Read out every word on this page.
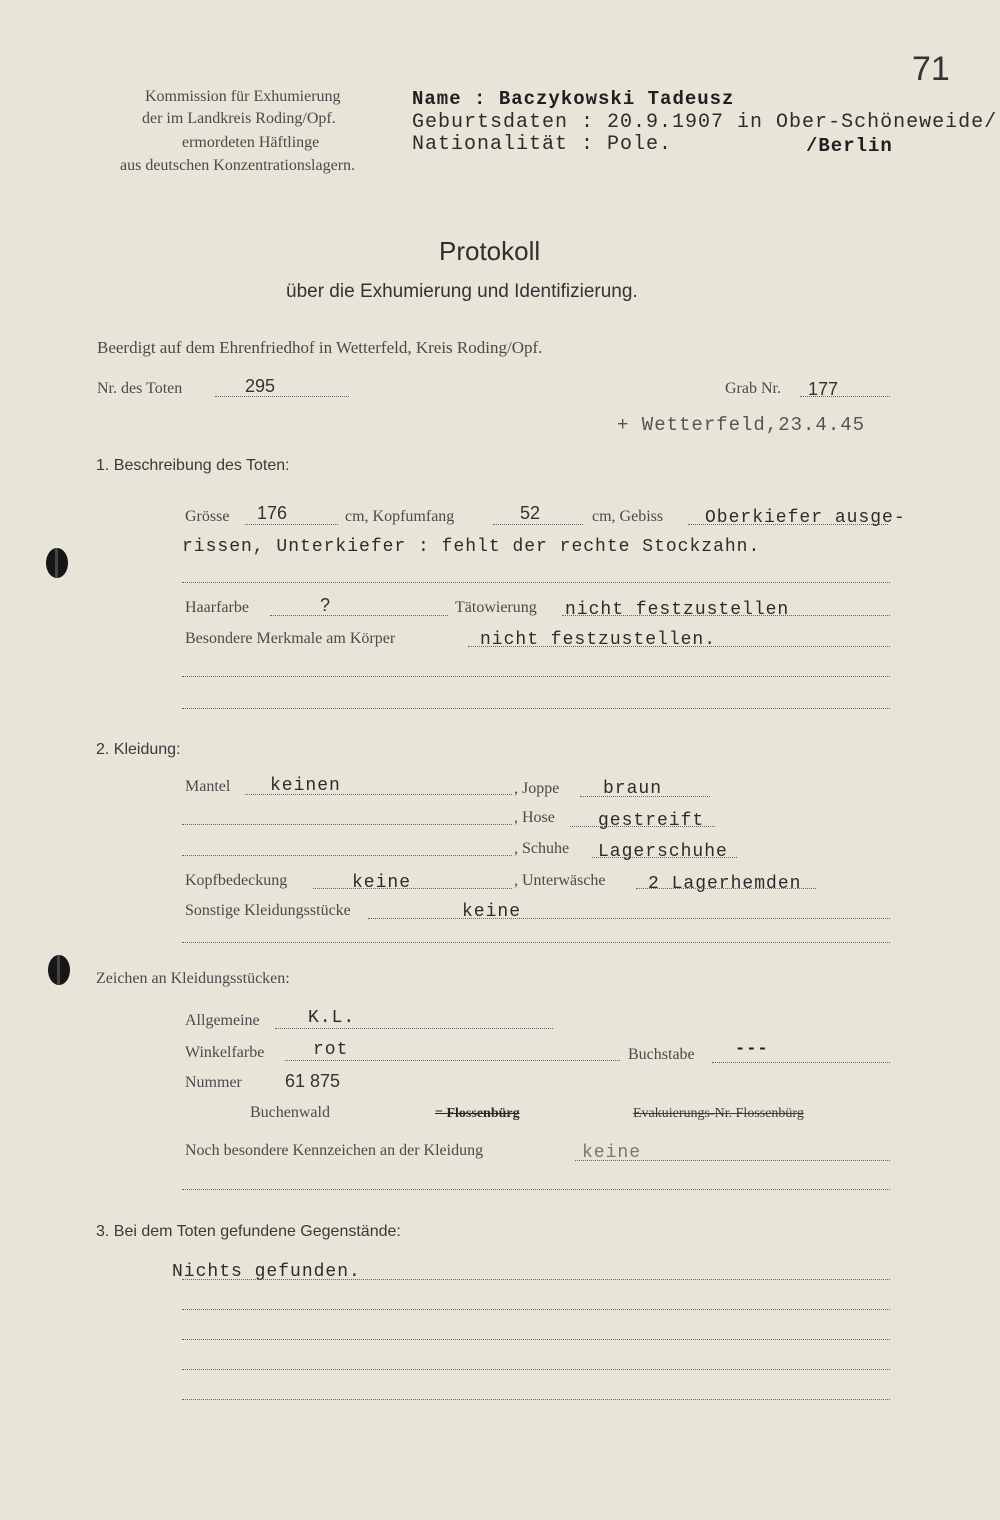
71
Kommission für Exhumierung
der im Landkreis Roding/Opf.
ermordeten Häftlinge
aus deutschen Konzentrationslagern.
Name : Baczykowski Tadeusz
Geburtsdaten : 20.9.1907 in Ober-Schöneweide/
Nationalität : Pole.	/Berlin
Protokoll
über die Exhumierung und Identifizierung.
Beerdigt auf dem Ehrenfriedhof in Wetterfeld, Kreis Roding/Opf.
Nr. des Toten	295	Grab Nr. 177
+ Wetterfeld,23.4.45
1. Beschreibung des Toten:
Grösse 176	cm, Kopfumfang	52	cm, Gebiss Oberkiefer ausge-
rissen, Unterkiefer : fehlt der rechte Stockzahn.
Haarfarbe	?	Tätowierung nicht festzustellen
Besondere Merkmale am Körper	nicht festzustellen.
2. Kleidung:
Mantel keinen	, Joppe braun
, Hose gestreift
, Schuhe Lagerschuhe
Kopfbedeckung	keine	, Unterwäsche 2 Lagerhemden
Sonstige Kleidungsstücke	keine
Zeichen an Kleidungsstücken:
Allgemeine	K.L.
Winkelfarbe	rot	Buchstabe ---
Nummer 61 875
Buchenwald	= Flossenbürg	Evakuierungs-Nr. Flossenbürg
Noch besondere Kennzeichen an der Kleidung	keine
3. Bei dem Toten gefundene Gegenstände:
Nichts gefunden.
